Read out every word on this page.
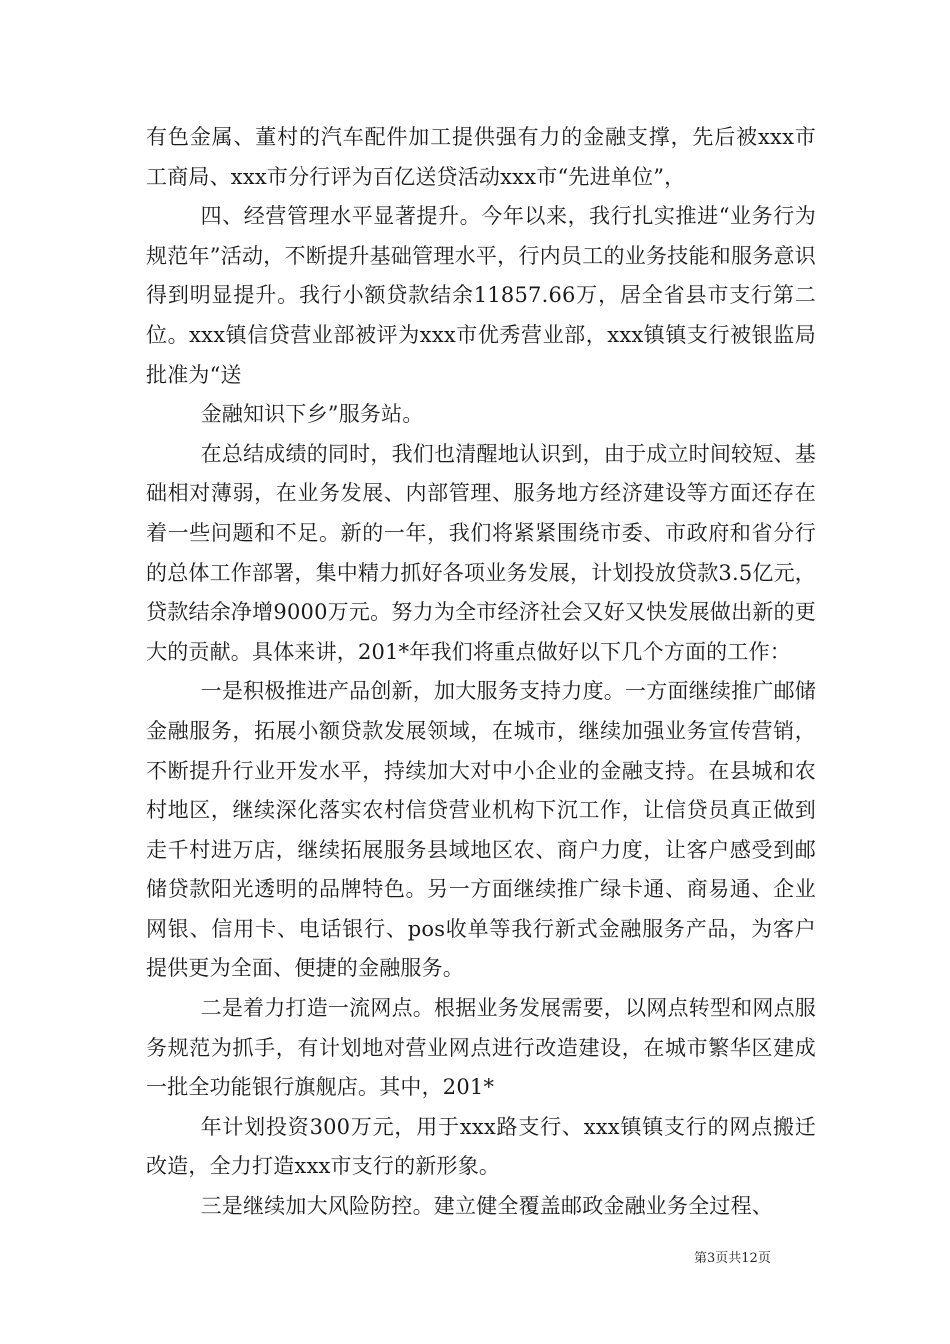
有色金属、董村的汽车配件加工提供强有力的金融支撑，先后被xxx市工商局、xxx市分行评为百亿送贷活动xxx市“先进单位”，

四、经营管理水平显著提升。今年以来，我行扎实推进“业务行为规范年”活动，不断提升基础管理水平，行内员工的业务技能和服务意识得到明显提升。我行小额贷款结余11857.66万，居全省县市支行第二位。xxx镇信贷营业部被评为xxx市优秀营业部，xxx镇镇支行被银监局批准为“送

金融知识下乡”服务站。

在总结成绩的同时，我们也清醒地认识到，由于成立时间较短、基础相对薄弱，在业务发展、内部管理、服务地方经济建设等方面还存在着一些问题和不足。新的一年，我们将紧紧围绕市委、市政府和省分行的总体工作部署，集中精力抓好各项业务发展，计划投放贷款3.5亿元，贷款结余净增9000万元。努力为全市经济社会又好又快发展做出新的更大的贡献。具体来讲，201*年我们将重点做好以下几个方面的工作：

一是积极推进产品创新，加大服务支持力度。一方面继续推广邮储金融服务，拓展小额贷款发展领域，在城市，继续加强业务宣传营销，不断提升行业开发水平，持续加大对中小企业的金融支持。在县城和农村地区，继续深化落实农村信贷营业机构下沉工作，让信贷员真正做到走千村进万店，继续拓展服务县域地区农、商户力度，让客户感受到邮储贷款阳光透明的品牌特色。另一方面继续推广绿卡通、商易通、企业网银、信用卡、电话银行、pos收单等我行新式金融服务产品，为客户提供更为全面、便捷的金融服务。

二是着力打造一流网点。根据业务发展需要，以网点转型和网点服务规范为抓手，有计划地对营业网点进行改造建设，在城市繁华区建成一批全功能银行旗舰店。其中，201*

年计划投资300万元，用于xxx路支行、xxx镇镇支行的网点搬迁改造，全力打造xxx市支行的新形象。

三是继续加大风险防控。建立健全覆盖邮政金融业务全过程、

第3页共12页
